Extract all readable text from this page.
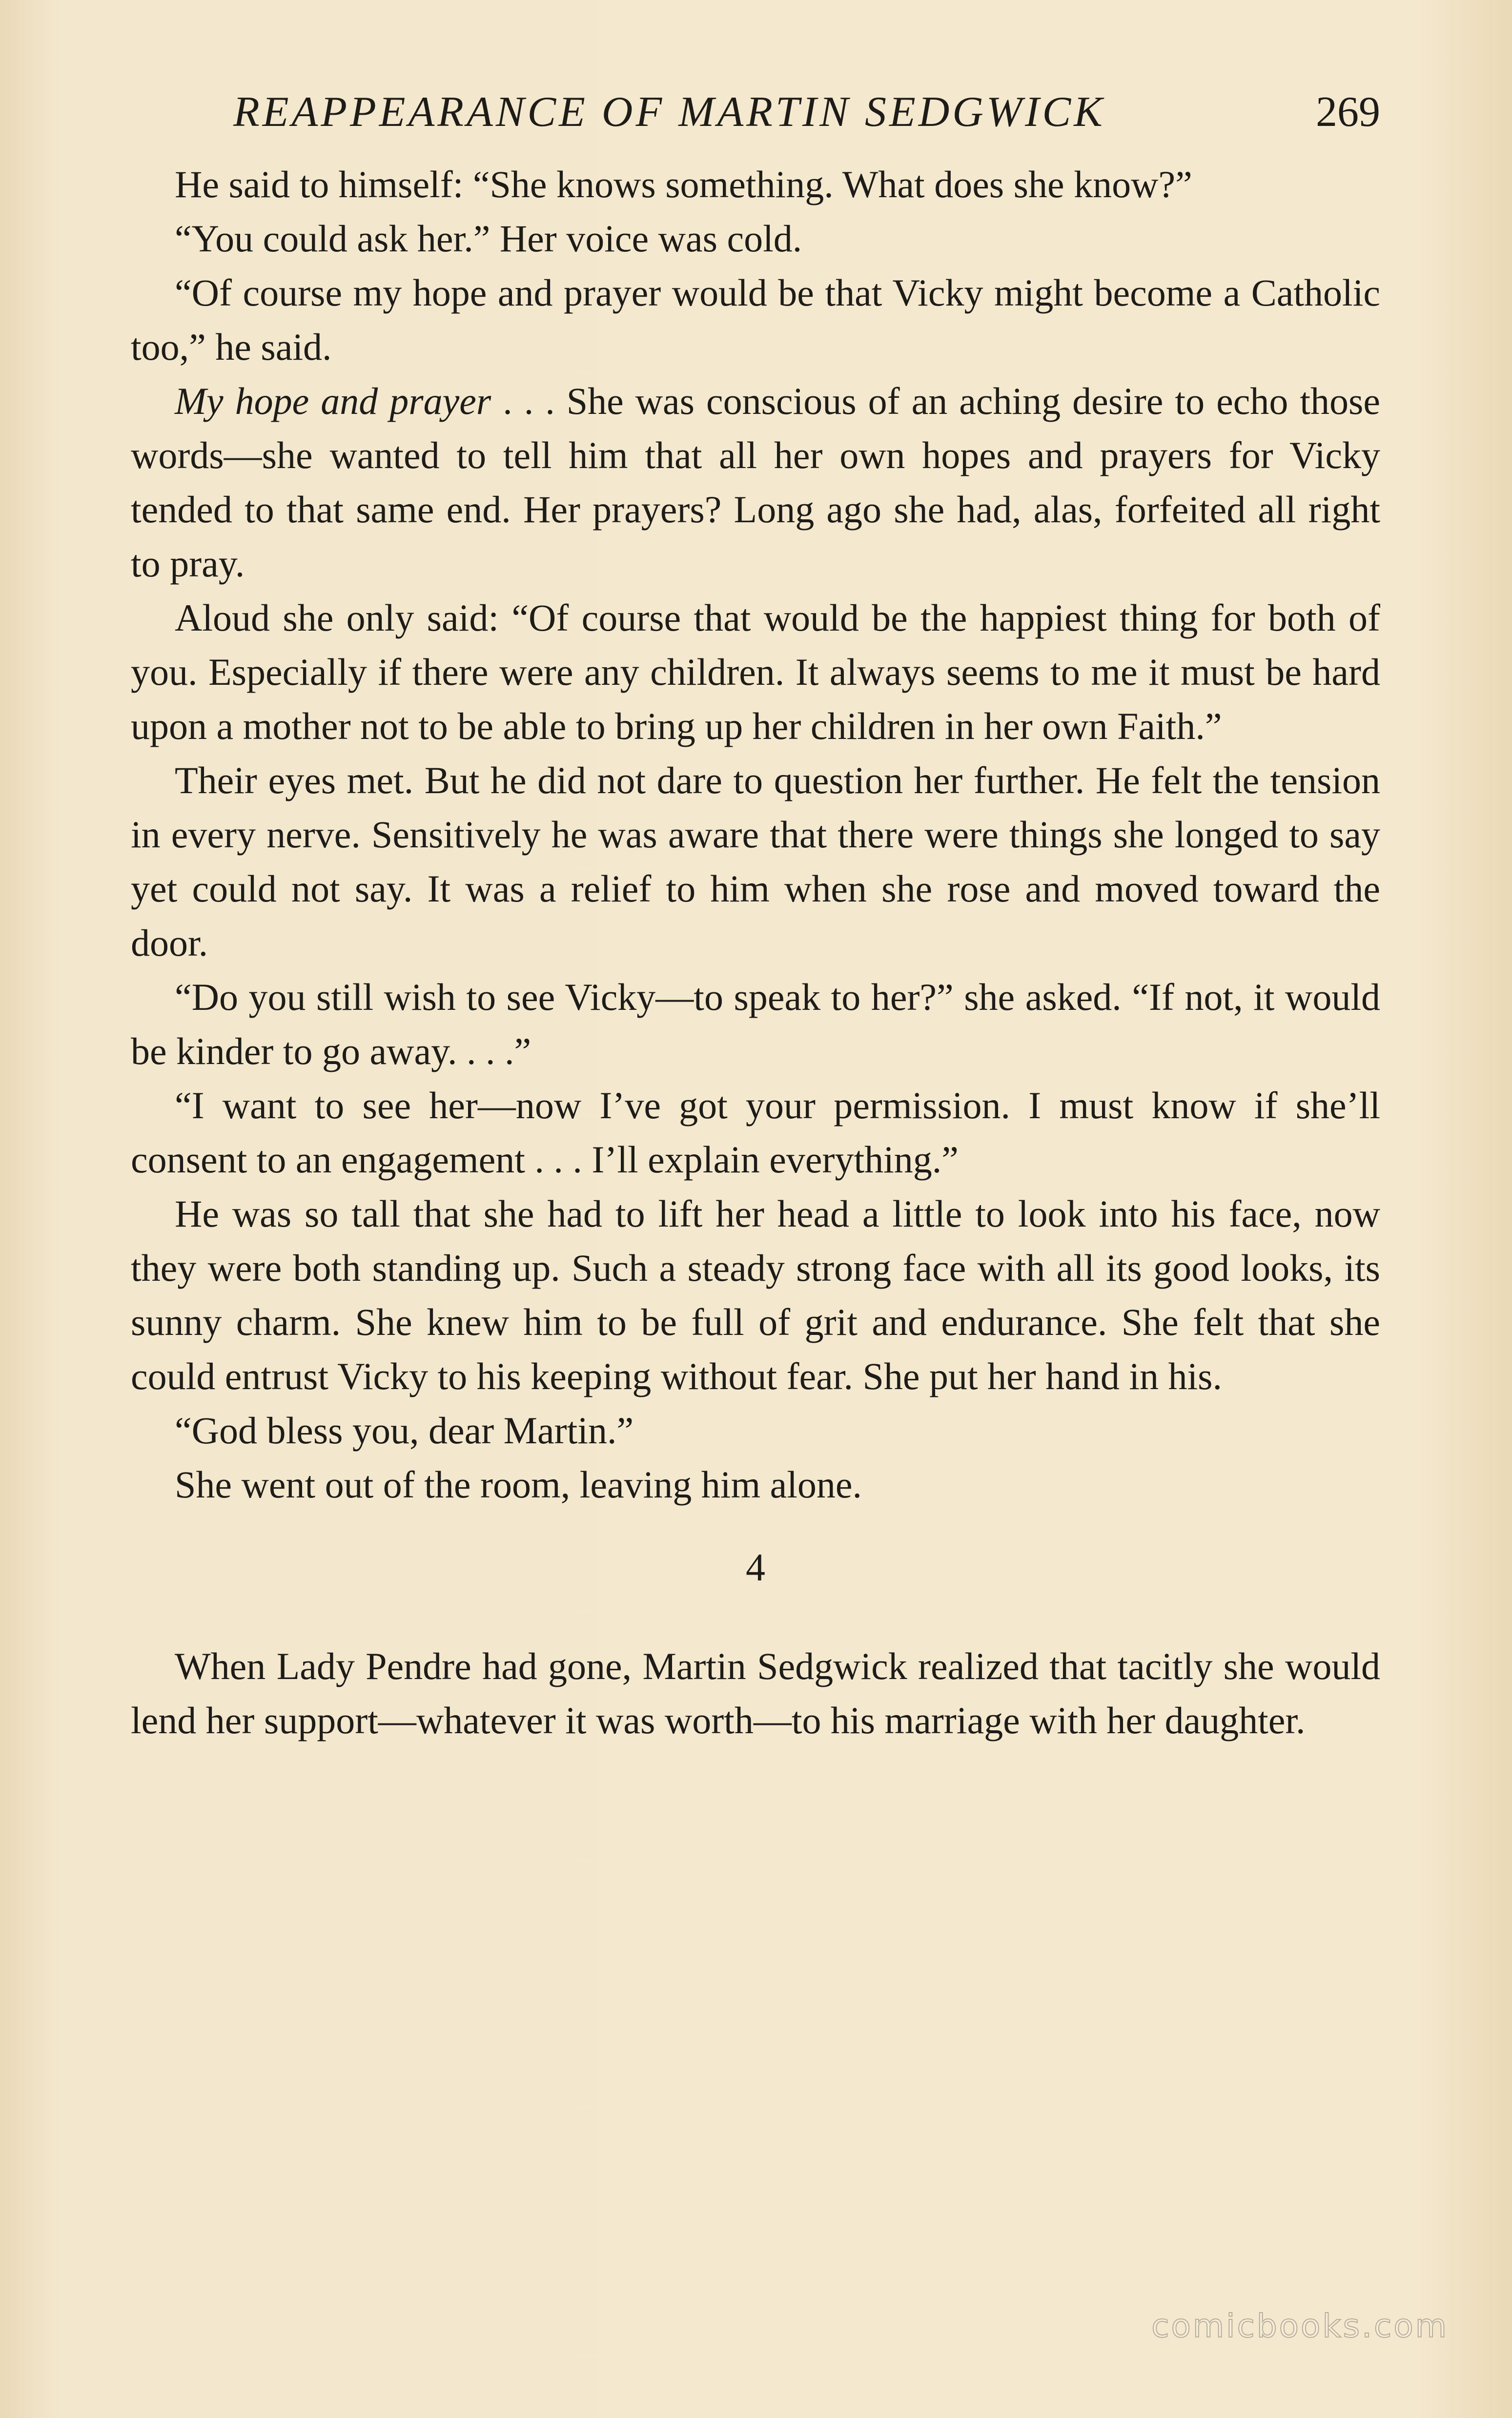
REAPPEARANCE OF MARTIN SEDGWICK	269

He said to himself: “She knows something. What does she know?”

“You could ask her.” Her voice was cold.

“Of course my hope and prayer would be that Vicky might become a Catholic too,” he said.

My hope and prayer . . . She was conscious of an aching desire to echo those words—she wanted to tell him that all her own hopes and prayers for Vicky tended to that same end. Her prayers? Long ago she had, alas, forfeited all right to pray.

Aloud she only said: “Of course that would be the happiest thing for both of you. Especially if there were any children. It always seems to me it must be hard upon a mother not to be able to bring up her children in her own Faith.”

Their eyes met. But he did not dare to question her further. He felt the tension in every nerve. Sensitively he was aware that there were things she longed to say yet could not say. It was a relief to him when she rose and moved toward the door.

“Do you still wish to see Vicky—to speak to her?” she asked. “If not, it would be kinder to go away. . . .”

“I want to see her—now I’ve got your permission. I must know if she’ll consent to an engagement . . . I’ll explain everything.”

He was so tall that she had to lift her head a little to look into his face, now they were both standing up. Such a steady strong face with all its good looks, its sunny charm. She knew him to be full of grit and endurance. She felt that she could entrust Vicky to his keeping without fear. She put her hand in his.

“God bless you, dear Martin.”

She went out of the room, leaving him alone.

4

When Lady Pendre had gone, Martin Sedgwick realized that tacitly she would lend her support—whatever it was worth—to his marriage with her daughter.

comicbooks.com
